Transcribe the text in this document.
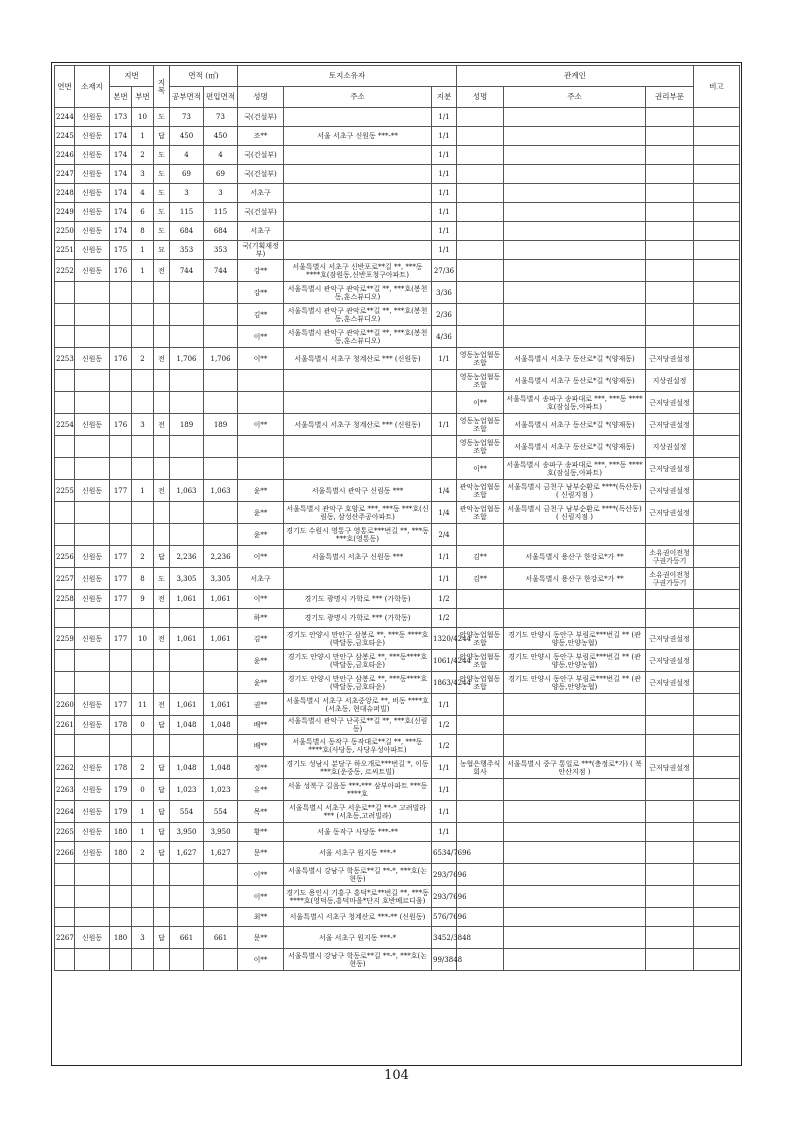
연번	소재지	지번		지목	면적 (㎡)		토지소유자			관계인			비고
		본번	부번		공부면적	편입면적	성명	주소	지분	성명	주소	권리부문	
2244	신원동	173	10	도	73	73	국(건설부)		1/1				
2245	신원동	174	1	답	450	450	조**	서울 서초구 신원동 ***-**	1/1				
2246	신원동	174	2	도	4	4	국(건설부)		1/1				
2247	신원동	174	3	도	69	69	국(건설부)		1/1				
2248	신원동	174	4	도	3	3	서초구		1/1				
2249	신원동	174	6	도	115	115	국(건설부)		1/1				
2250	신원동	174	8	도	684	684	서초구		1/1				
2251	신원동	175	1	묘	353	353	국(기획재정부)		1/1				
2252	신원동	176	1	전	744	744	강**	서울특별시 서초구 신반포로**길 **, ***동 ****호(잠원동,신반포청구아파트)	27/36				
							강**	서울특별시 관악구 관악로**길 **, ***호(봉천동,훈스뷰디오)	3/36				
							김**	서울특별시 관악구 관악로**길 **, ***호(봉천동,훈스뷰디오)	2/36				
							이**	서울특별시 관악구 관악로**길 **, ***호(봉천동,훈스뷰디오)	4/36				
2253	신원동	176	2	전	1,706	1,706	이**	서울특별시 서초구 청계산로 *** (신원동)	1/1	영동농업협동조합	서울특별시 서초구 동산로*길 *(양재동)	근저당권설정	
										영동농업협동조합	서울특별시 서초구 동산로*길 *(양재동)	지상권설정	
										이**	서울특별시 송파구 송파대로 ***, ***동 ****호(잠실동,아파트)	근저당권설정	
2254	신원동	176	3	전	189	189	이**	서울특별시 서초구 청계산로 *** (신원동)	1/1	영동농업협동조합	서울특별시 서초구 동산로*길 *(양재동)	근저당권설정	
										영동농업협동조합	서울특별시 서초구 동산로*길 *(양재동)	지상권설정	
										이**	서울특별시 송파구 송파대로 ***, ***동 ****호(잠실동,아파트)	근저당권설정	
2255	신원동	177	1	전	1,063	1,063	윤**	서울특별시 관악구 신림동 ***	1/4	관악농업협동조합	서울특별시 금천구 남부순환로 ****(독산동) ( 신림지점 )	근저당권설정	
							윤**	서울특별시 관악구 호암로 ***, ***동 ***호(신림동, 삼성산주공아파트)	1/4	관악농업협동조합	서울특별시 금천구 남부순환로 ****(독산동) ( 신림지점 )	근저당권설정	
							윤**	경기도 수원시 영통구 영통로***번길 **, ***동 ***호(영통동)	2/4				
2256	신원동	177	2	답	2,236	2,236	이**	서울특별시 서초구 신원동 ***	1/1	김**	서울특별시 용산구 한강로*가 **	소유권이전청구권가등기	
2257	신원동	177	8	도	3,305	3,305	서초구		1/1	김**	서울특별시 용산구 한강로*가 **	소유권이전청구권가등기	
2258	신원동	177	9	전	1,061	1,061	이**	경기도 광명시 가학로 *** (가학동)	1/2				
							하**	경기도 광명시 가학로 *** (가학동)	1/2				
2259	신원동	177	10	전	1,061	1,061	김**	경기도 안양시 만안구 삼봉로 **, ***동 ****호 (박달동,금호타운)	1320/4244	안양농업협동조합	경기도 안양시 동안구 부림로***번길 ** (관양동,안양농협)	근저당권설정	
							윤**	경기도 안양시 만안구 삼봉로 **, ***동****호(박달동,금호타운)	1061/4244	안양농업협동조합	경기도 안양시 동안구 부림로***번길 ** (관양동,안양농협)	근저당권설정	
							윤**	경기도 안양시 만안구 삼봉로 **, ***동****호(박달동,금호타운)	1863/4244	안양농업협동조합	경기도 안양시 동안구 부림로***번길 ** (관양동,안양농협)	근저당권설정	
2260	신원동	177	11	전	1,061	1,061	권**	서울특별시 서초구 서초중앙로 **, 비동 ****호 (서초동, 현대슈퍼빌)	1/1				
2261	신원동	178	0	답	1,048	1,048	배**	서울특별시 관악구 난곡로**길 **, ***호(신림동)	1/2				
							배**	서울특별시 동작구 동작대로**길 **, ***동 ****호(사당동, 사당우성아파트)	1/2				
2262	신원동	178	2	답	1,048	1,048	정**	경기도 성남시 분당구 하오개로***번길 *, 이동 ***호(운중동, 르씨트빌)	1/1	농협은행주식회사	서울특별시 중구 통일로 ***(충정로*가) ( 북안산지점 )	근저당권설정	
2263	신원동	179	0	답	1,023	1,023	유**	서울 성북구 길음동 ***-*** 삼부아파트 ***동 ****호	1/1				
2264	신원동	179	1	답	554	554	목**	서울특별시 서초구 서운로**길 **-* 고려빌라*** (서초동,고려빌라)	1/1				
2265	신원동	180	1	답	3,950	3,950	황**	서울 동작구 사당동 ***-**	1/1				
2266	신원동	180	2	답	1,627	1,627	문**	서울 서초구 원지동 ***-*	6534/7696				
							이**	서울특별시 강남구 학동로**길 **-*, ***호(논현동)	293/7696				
							이**	경기도 용인시 기흥구 흥덕*로**번길 **, ***동 ****호(영덕동,흥덕마을*단지 호반베르디움)	293/7696				
							최**	서울특별시 서초구 청계산로 ***-** (신원동)	576/7696				
2267	신원동	180	3	답	661	661	문**	서울 서초구 원지동 ***-*	3452/3848				
							이**	서울특별시 강남구 학동로**길 **-*, ***호(논현동)	99/3848				
104
